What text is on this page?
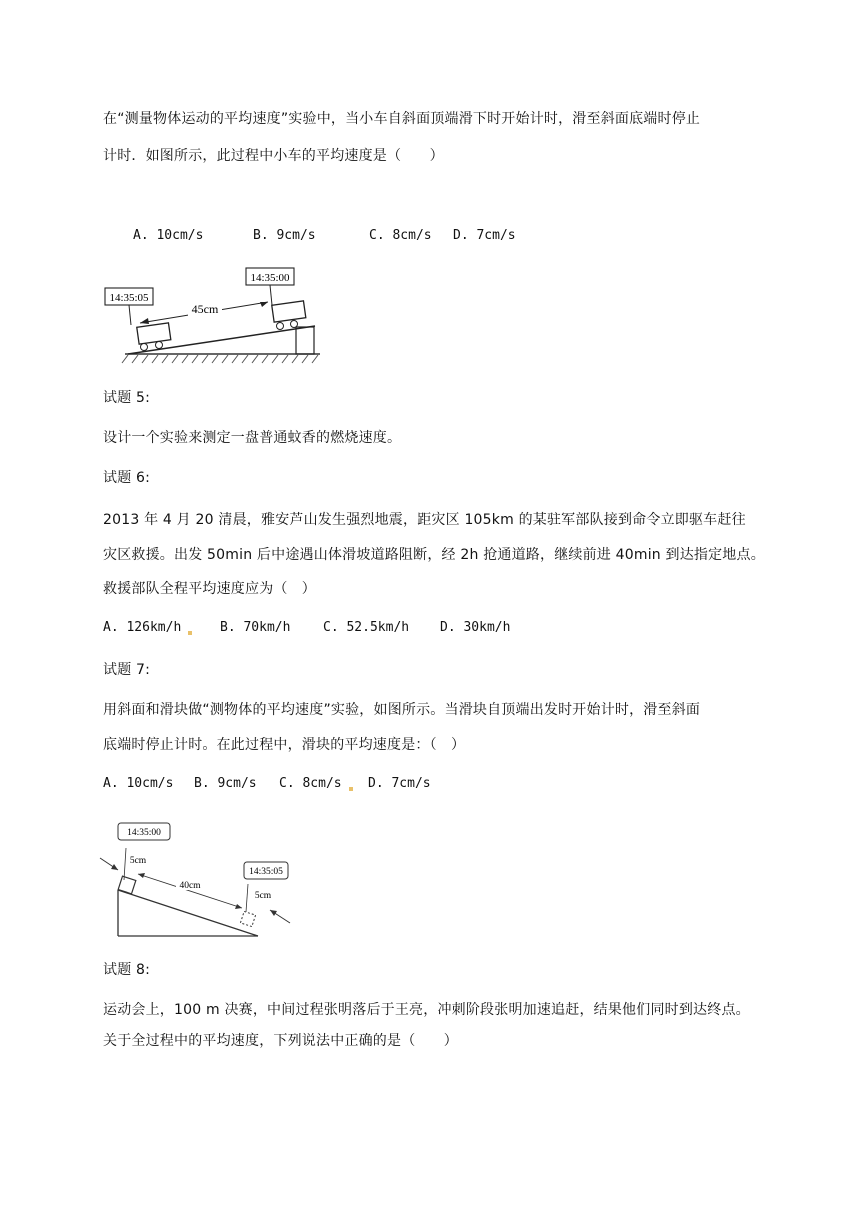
在“测量物体运动的平均速度”实验中，当小车自斜面顶端滑下时开始计时，滑至斜面底端时停止
计时．如图所示，此过程中小车的平均速度是（　　）
A. 10cm/s	B. 9cm/s	C. 8cm/s D. 7cm/s
14:35:05
14:35:00
45cm
试题 5:
设计一个实验来测定一盘普通蚊香的燃烧速度。
试题 6:
2013 年 4 月 20 清晨，雅安芦山发生强烈地震，距灾区 105km 的某驻军部队接到命令立即驱车赶往
灾区救援。出发 50min 后中途遇山体滑坡道路阻断，经 2h 抢通道路，继续前进 40min 到达指定地点。
救援部队全程平均速度应为（　）
A. 126km/h	B. 70km/h	C. 52.5km/h D. 30km/h
试题 7:
用斜面和滑块做“测物体的平均速度”实验，如图所示。当滑块自顶端出发时开始计时，滑至斜面
底端时停止计时。在此过程中，滑块的平均速度是：（　）
A. 10cm/s B. 9cm/s C. 8cm/s D. 7cm/s
14:35:00
14:35:05
5cm
5cm
40cm
试题 8:
运动会上，100 m 决赛，中间过程张明落后于王亮，冲刺阶段张明加速追赶，结果他们同时到达终点。
关于全过程中的平均速度，下列说法中正确的是（　　）
